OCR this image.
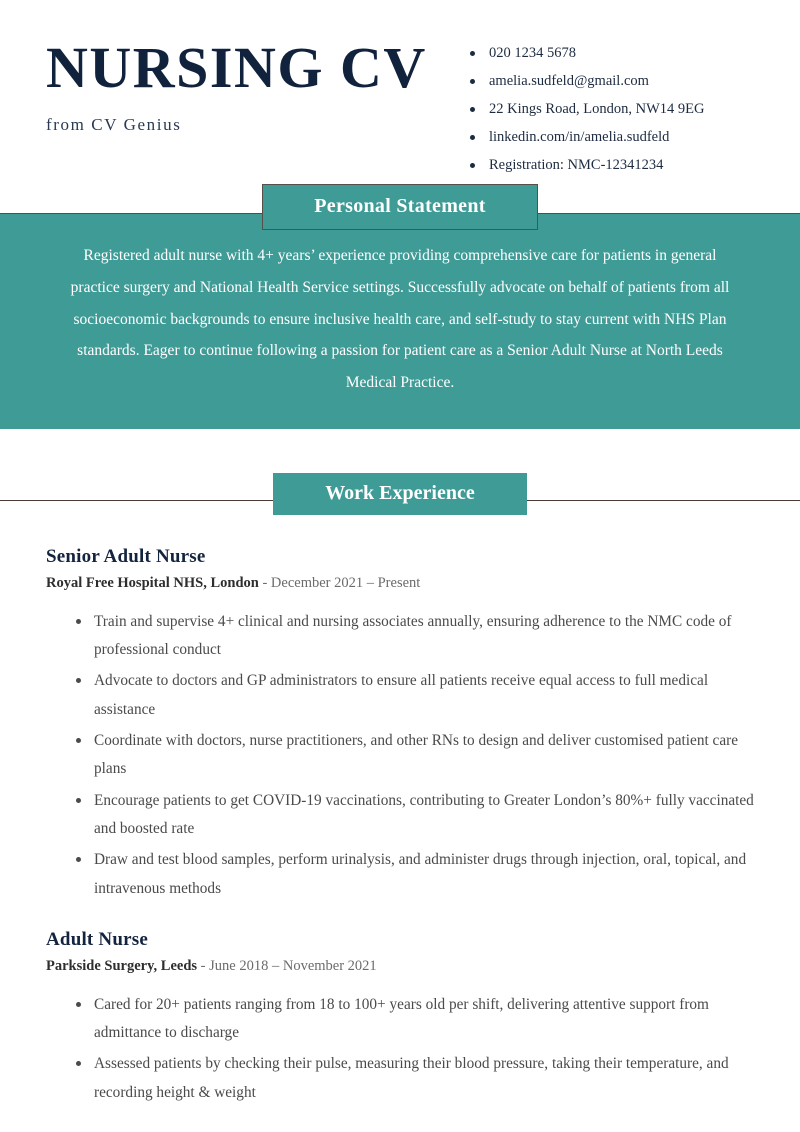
NURSING CV
from CV Genius
020 1234 5678
amelia.sudfeld@gmail.com
22 Kings Road, London, NW14 9EG
linkedin.com/in/amelia.sudfeld
Registration: NMC-12341234
Personal Statement

Registered adult nurse with 4+ years’ experience providing comprehensive care for patients in general practice surgery and National Health Service settings. Successfully advocate on behalf of patients from all socioeconomic backgrounds to ensure inclusive health care, and self-study to stay current with NHS Plan standards. Eager to continue following a passion for patient care as a Senior Adult Nurse at North Leeds Medical Practice.

Work Experience
Senior Adult Nurse
Royal Free Hospital NHS, London - December 2021 – Present
Train and supervise 4+ clinical and nursing associates annually, ensuring adherence to the NMC code of professional conduct
Advocate to doctors and GP administrators to ensure all patients receive equal access to full medical assistance
Coordinate with doctors, nurse practitioners, and other RNs to design and deliver customised patient care plans
Encourage patients to get COVID-19 vaccinations, contributing to Greater London’s 80%+ fully vaccinated and boosted rate
Draw and test blood samples, perform urinalysis, and administer drugs through injection, oral, topical, and intravenous methods
Adult Nurse
Parkside Surgery, Leeds - June 2018 – November 2021
Cared for 20+ patients ranging from 18 to 100+ years old per shift, delivering attentive support from admittance to discharge
Assessed patients by checking their pulse, measuring their blood pressure, taking their temperature, and recording height & weight
